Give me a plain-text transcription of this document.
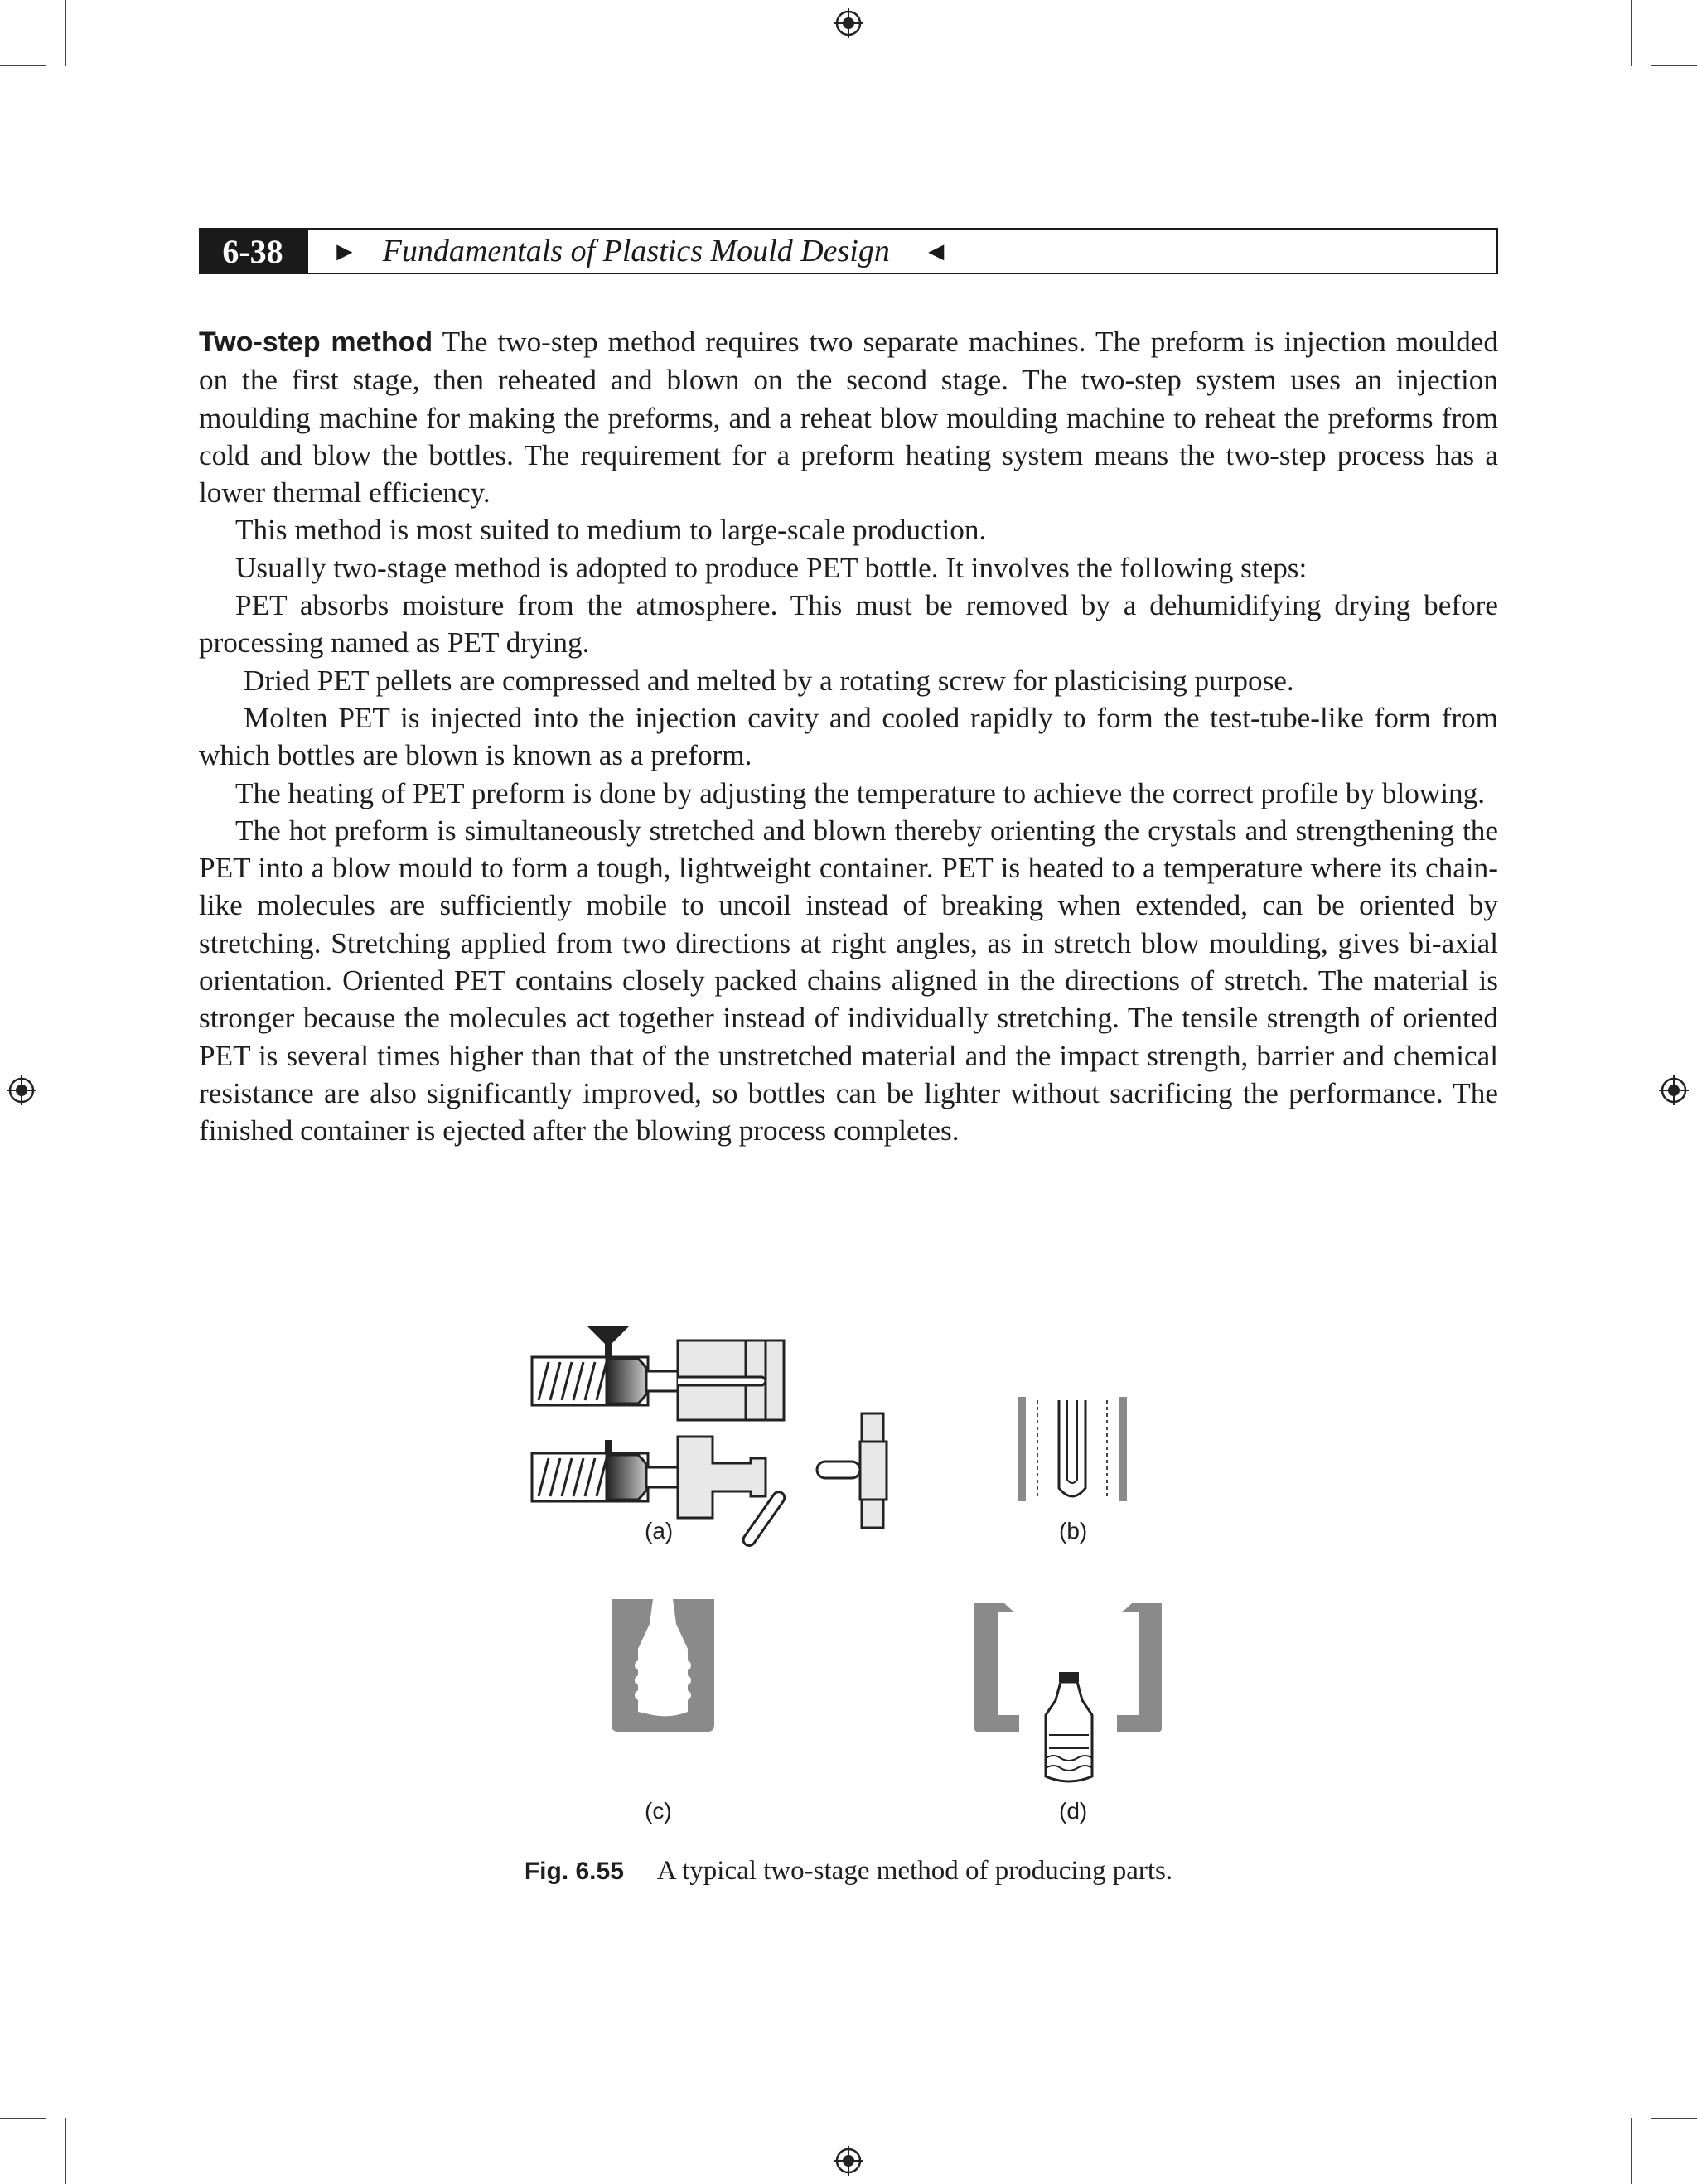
6-38	► Fundamentals of Plastics Mould Design ◄

Two-step method The two-step method requires two separate machines. The preform is injection moulded on the first stage, then reheated and blown on the second stage. The two-step system uses an injection moulding machine for making the preforms, and a reheat blow moulding machine to reheat the preforms from cold and blow the bottles. The requirement for a preform heating system means the two-step process has a lower thermal efficiency.

This method is most suited to medium to large-scale production.

Usually two-stage method is adopted to produce PET bottle. It involves the following steps:

PET absorbs moisture from the atmosphere. This must be removed by a dehumidifying drying before processing named as PET drying.

Dried PET pellets are compressed and melted by a rotating screw for plasticising purpose.

Molten PET is injected into the injection cavity and cooled rapidly to form the test-tube-like form from which bottles are blown is known as a preform.

The heating of PET preform is done by adjusting the temperature to achieve the correct profile by blowing.

The hot preform is simultaneously stretched and blown thereby orienting the crystals and strengthening the PET into a blow mould to form a tough, lightweight container. PET is heated to a temperature where its chain-like molecules are sufficiently mobile to uncoil instead of breaking when extended, can be oriented by stretching. Stretching applied from two directions at right angles, as in stretch blow moulding, gives bi-axial orientation. Oriented PET contains closely packed chains aligned in the directions of stretch. The material is stronger because the molecules act together instead of individually stretching. The tensile strength of oriented PET is several times higher than that of the unstretched material and the impact strength, barrier and chemical resistance are also significantly improved, so bottles can be lighter without sacrificing the performance. The finished container is ejected after the blowing process completes.

(a)	(b)
(c)	(d)
Fig. 6.55 A typical two-stage method of producing parts.
